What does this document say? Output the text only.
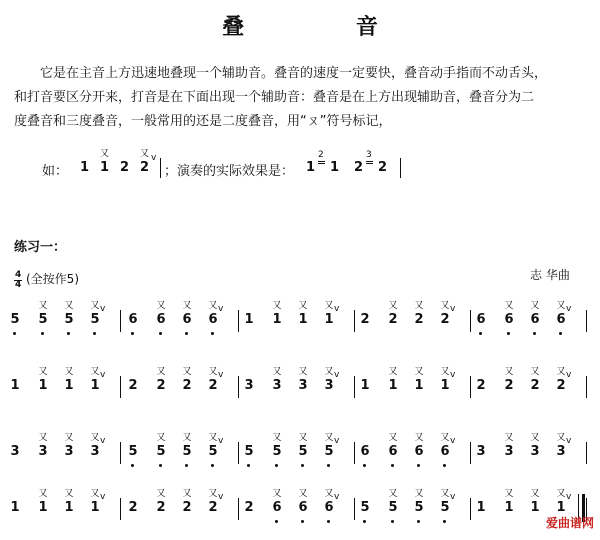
叠 音
它是在主音上方迅速地叠现一个辅助音。叠音的速度一定要快，叠音动手指而不动舌头，
和打音要区分开来，打音是在下面出现一个辅助音：叠音是在上方出现辅助音，叠音分为二
度叠音和三度叠音，一般常用的还是二度叠音，用“ㄡ”符号标记，
如： 1
又
1 2
又
2
v
；演奏的实际效果是： 1
2
1 2
3
2
练习一：
4
4 (全按作5)	志 华曲
5 5
又
5
又
5
又 v
6 6
又
6
又
6
又 v
1 1
又
1
又
1
又 v
2 2
又
2
又
2
又 v
6 6
又
6
又
6
又 v
1 1
又
1
又
1
又 v
2 2
又
2
又
2
又 v
3 3
又
3
又
3
又 v
1 1
又
1
又
1
又 v
2 2
又
2
又
2
又 v
3 3
又
3
又
3
又 v
5 5
又
5
又
5
又 v
5 5
又
5
又
5
又 v
6 6
又
6
又
6
又 v
3 3
又
3
又
3
又 v
1 1
又
1
又
1
又 v
2 2
又
2
又
2
又 v
2 6
又
6
又
6
又 v
5 5
又
5
又
5
又 v
1 1
又
1
又
1
又 v
爱曲谱网
